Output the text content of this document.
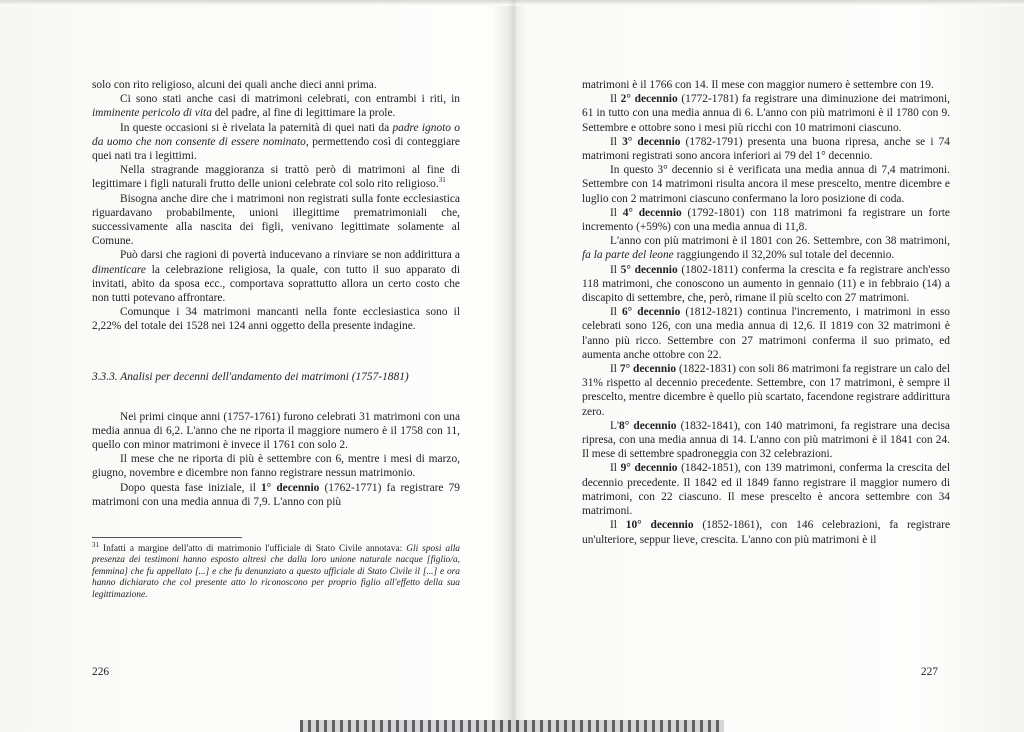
solo con rito religioso, alcuni dei quali anche dieci anni prima.

Ci sono stati anche casi di matrimoni celebrati, con entrambi i riti, in imminente pericolo di vita del padre, al fine di legittimare la prole.

In queste occasioni si è rivelata la paternità di quei nati da padre ignoto o da uomo che non consente di essere nominato, permettendo così di conteggiare quei nati tra i legittimi.

Nella stragrande maggioranza si trattò però di matrimoni al fine di legittimare i figli naturali frutto delle unioni celebrate col solo rito religioso.$^{31}$

Bisogna anche dire che i matrimoni non registrati sulla fonte ecclesiastica riguardavano probabilmente, unioni illegittime prematrimoniali che, successivamente alla nascita dei figli, venivano legittimate solamente al Comune.

Può darsi che ragioni di povertà inducevano a rinviare se non addirittura a dimenticare la celebrazione religiosa, la quale, con tutto il suo apparato di invitati, abito da sposa ecc., comportava soprattutto allora un certo costo che non tutti potevano affrontare.

Comunque i 34 matrimoni mancanti nella fonte ecclesiastica sono il 2,22% del totale dei 1528 nei 124 anni oggetto della presente indagine.

3.3.3. Analisi per decenni dell'andamento dei matrimoni (1757-1881)

Nei primi cinque anni (1757-1761) furono celebrati 31 matrimoni con una media annua di 6,2. L'anno che ne riporta il maggiore numero è il 1758 con 11, quello con minor matrimoni è invece il 1761 con solo 2.

Il mese che ne riporta di più è settembre con 6, mentre i mesi di marzo, giugno, novembre e dicembre non fanno registrare nessun matrimonio.

Dopo questa fase iniziale, il 1° decennio (1762-1771) fa registrare 79 matrimoni con una media annua di 7,9. L'anno con più

$^{31}$ Infatti a margine dell'atto di matrimonio l'ufficiale di Stato Civile annotava: Gli sposi alla presenza dei testimoni hanno esposto altresì che dalla loro unione naturale nacque [figlio/a, femmina] che fu appellato [...] e che fu denunziato a questo ufficiale di Stato Civile il [...] e ora hanno dichiarato che col presente atto lo riconoscono per proprio figlio all'effetto della sua legittimazione.

226

matrimoni è il 1766 con 14. Il mese con maggior numero è settembre con 19.

Il 2° decennio (1772-1781) fa registrare una diminuzione dei matrimoni, 61 in tutto con una media annua di 6. L'anno con più matrimoni è il 1780 con 9. Settembre e ottobre sono i mesi più ricchi con 10 matrimoni ciascuno.

Il 3° decennio (1782-1791) presenta una buona ripresa, anche se i 74 matrimoni registrati sono ancora inferiori ai 79 del 1° decennio.

In questo 3° decennio si è verificata una media annua di 7,4 matrimoni. Settembre con 14 matrimoni risulta ancora il mese prescelto, mentre dicembre e luglio con 2 matrimoni ciascuno confermano la loro posizione di coda.

Il 4° decennio (1792-1801) con 118 matrimoni fa registrare un forte incremento (+59%) con una media annua di 11,8.

L'anno con più matrimoni è il 1801 con 26. Settembre, con 38 matrimoni, fa la parte del leone raggiungendo il 32,20% sul totale del decennio.

Il 5° decennio (1802-1811) conferma la crescita e fa registrare anch'esso 118 matrimoni, che conoscono un aumento in gennaio (11) e in febbraio (14) a discapito di settembre, che, però, rimane il più scelto con 27 matrimoni.

Il 6° decennio (1812-1821) continua l'incremento, i matrimoni in esso celebrati sono 126, con una media annua di 12,6. Il 1819 con 32 matrimoni è l'anno più ricco. Settembre con 27 matrimoni conferma il suo primato, ed aumenta anche ottobre con 22.

Il 7° decennio (1822-1831) con soli 86 matrimoni fa registrare un calo del 31% rispetto al decennio precedente. Settembre, con 17 matrimoni, è sempre il prescelto, mentre dicembre è quello più scartato, facendone registrare addirittura zero.

L'8° decennio (1832-1841), con 140 matrimoni, fa registrare una decisa ripresa, con una media annua di 14. L'anno con più matrimoni è il 1841 con 24. Il mese di settembre spadroneggia con 32 celebrazioni.

Il 9° decennio (1842-1851), con 139 matrimoni, conferma la crescita del decennio precedente. Il 1842 ed il 1849 fanno registrare il maggior numero di matrimoni, con 22 ciascuno. Il mese prescelto è ancora settembre con 34 matrimoni.

Il 10° decennio (1852-1861), con 146 celebrazioni, fa registrare un'ulteriore, seppur lieve, crescita. L'anno con più matrimoni è il

227
